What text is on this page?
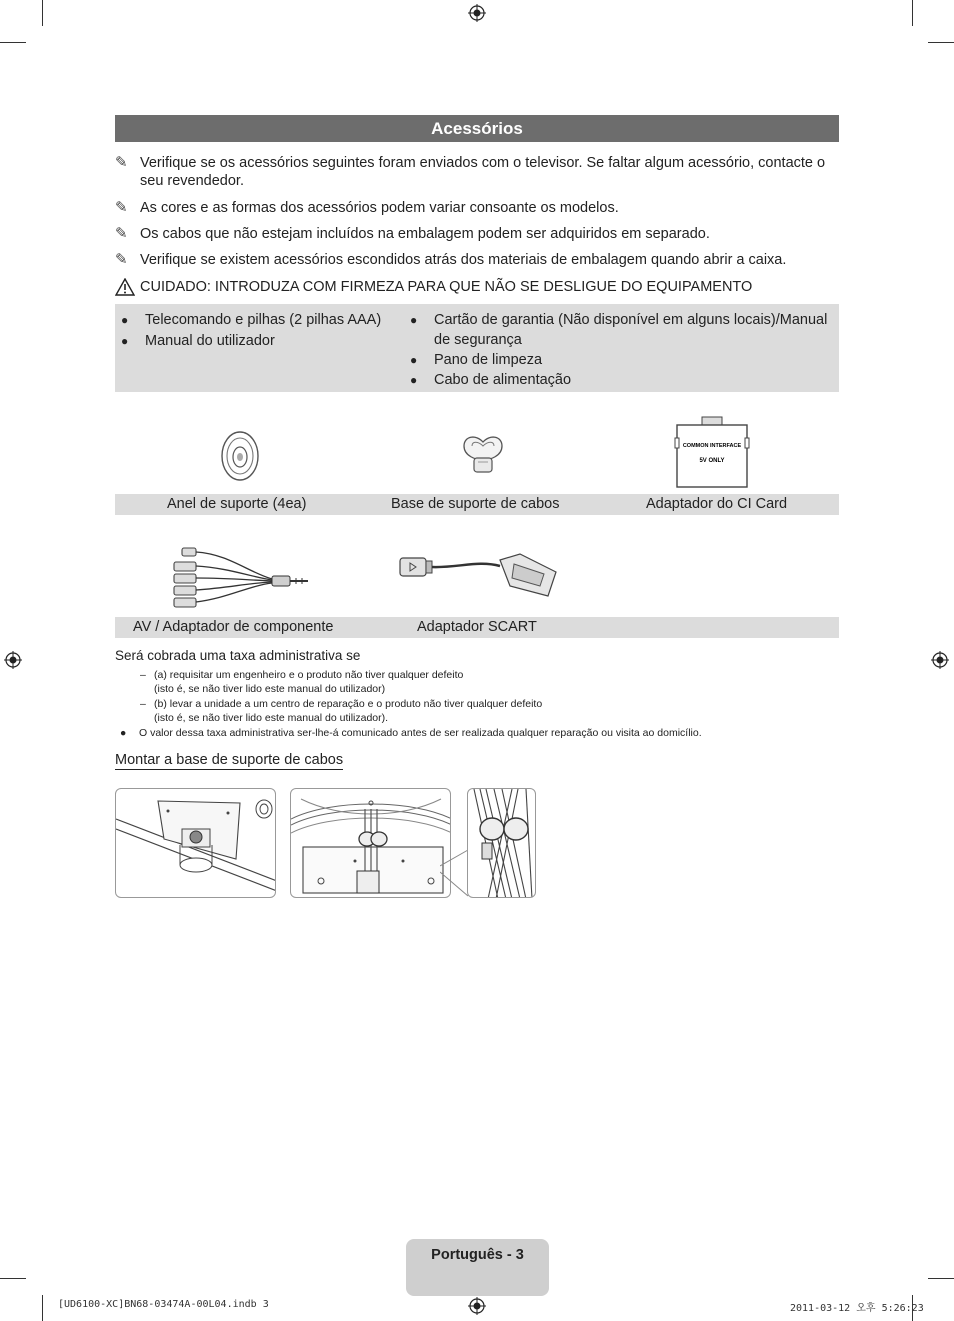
Acessórios
✎ Verifique se os acessórios seguintes foram enviados com o televisor. Se faltar algum acessório, contacte o seu revendedor.
✎ As cores e as formas dos acessórios podem variar consoante os modelos.
✎ Os cabos que não estejam incluídos na embalagem podem ser adquiridos em separado.
✎ Verifique se existem acessórios escondidos atrás dos materiais de embalagem quando abrir a caixa.
CUIDADO: INTRODUZA COM FIRMEZA PARA QUE NÃO SE DESLIGUE DO EQUIPAMENTO
● Telecomando e pilhas (2 pilhas AAA)
● Manual do utilizador
● Cartão de garantia (Não disponível em alguns locais)/Manual de segurança
● Pano de limpeza
● Cabo de alimentação
COMMON INTERFACE
5V ONLY
Anel de suporte (4ea)	Base de suporte de cabos	Adaptador do CI Card
AV / Adaptador de componente	Adaptador SCART
Será cobrada uma taxa administrativa se
– (a) requisitar um engenheiro e o produto não tiver qualquer defeito
(isto é, se não tiver lido este manual do utilizador)
– (b) levar a unidade a um centro de reparação e o produto não tiver qualquer defeito
(isto é, se não tiver lido este manual do utilizador).
● O valor dessa taxa administrativa ser-lhe-á comunicado antes de ser realizada qualquer reparação ou visita ao domicílio.
Montar a base de suporte de cabos
Português - 3
[UD6100-XC]BN68-03474A-00L04.indb 3	2011-03-12 오후 5:26:23
